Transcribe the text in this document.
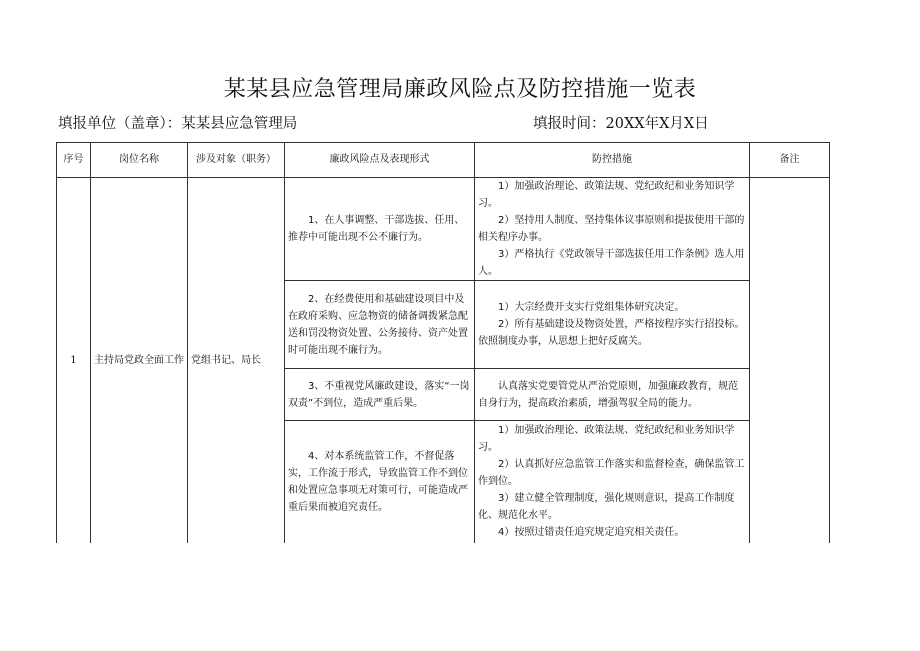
某某县应急管理局廉政风险点及防控措施一览表
填报单位（盖章）：某某县应急管理局	填报时间：20XX年X月X日
序号	岗位名称	涉及对象（职务）	廉政风险点及表现形式	防控措施	备注
1	主持局党政全面工作	党组书记、局长	1、在人事调整、干部选拔、任用、推荐中可能出现不公不廉行为。	1）加强政治理论、政策法规、党纪政纪和业务知识学习。

2）坚持用人制度、坚持集体议事原则和提拔使用干部的相关程序办事。

3）严格执行《党政领导干部选拔任用工作条例》选人用人。	

			2、在经费使用和基础建设项目中及在政府采购、应急物资的储备调拨紧急配送和罚没物资处置、公务接待、资产处置时可能出现不廉行为。	1）大宗经费开支实行党组集体研究决定。

2）所有基础建设及物资处置，严格按程序实行招投标。依照制度办事，从思想上把好反腐关。	

			3、不重视党风廉政建设，落实“一岗双责”不到位，造成严重后果。	认真落实党要管党从严治党原则，加强廉政教育，规范自身行为，提高政治素质，增强驾驭全局的能力。	

			4、对本系统监管工作，不督促落实，工作流于形式，导致监管工作不到位和处置应急事项无对策可行，可能造成严重后果而被追究责任。	1）加强政治理论、政策法规、党纪政纪和业务知识学习。

2）认真抓好应急监管工作落实和监督检查，确保监管工作到位。

3）建立健全管理制度，强化规则意识，提高工作制度化、规范化水平。

4）按照过错责任追究规定追究相关责任。	
